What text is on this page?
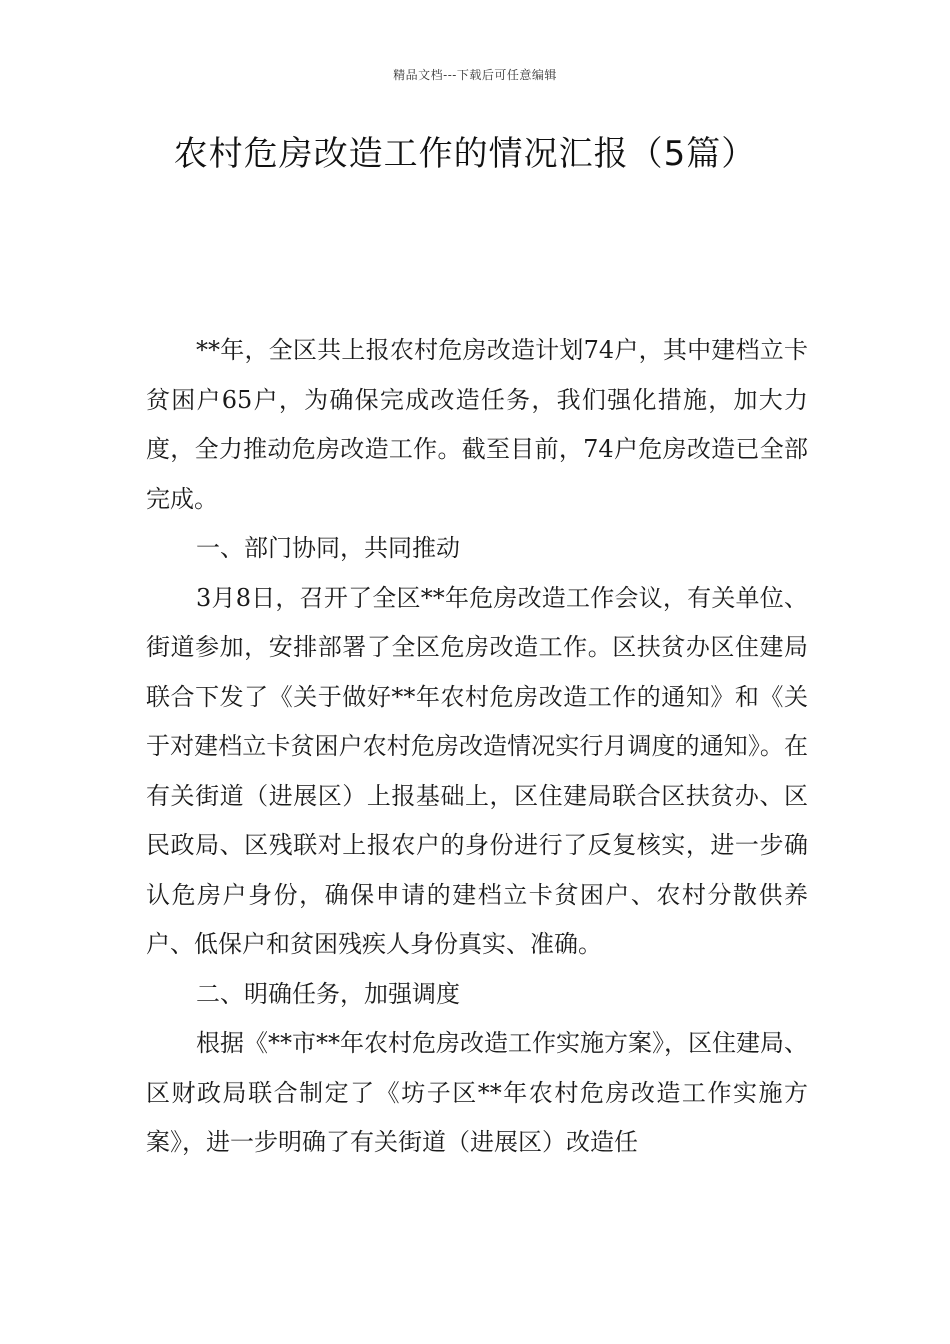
精品文档---下载后可任意编辑
农村危房改造工作的情况汇报（5篇）

**年，全区共上报农村危房改造计划74户，其中建档立卡贫困户65户，为确保完成改造任务，我们强化措施，加大力度，全力推动危房改造工作。截至目前，74户危房改造已全部完成。

一、部门协同，共同推动

3月8日，召开了全区**年危房改造工作会议，有关单位、街道参加，安排部署了全区危房改造工作。区扶贫办区住建局联合下发了《关于做好**年农村危房改造工作的通知》和《关于对建档立卡贫困户农村危房改造情况实行月调度的通知》。在有关街道（进展区）上报基础上，区住建局联合区扶贫办、区民政局、区残联对上报农户的身份进行了反复核实，进一步确认危房户身份，确保申请的建档立卡贫困户、农村分散供养户、低保户和贫困残疾人身份真实、准确。

二、明确任务，加强调度

根据《**市**年农村危房改造工作实施方案》，区住建局、区财政局联合制定了《坊子区**年农村危房改造工作实施方案》，进一步明确了有关街道（进展区）改造任
